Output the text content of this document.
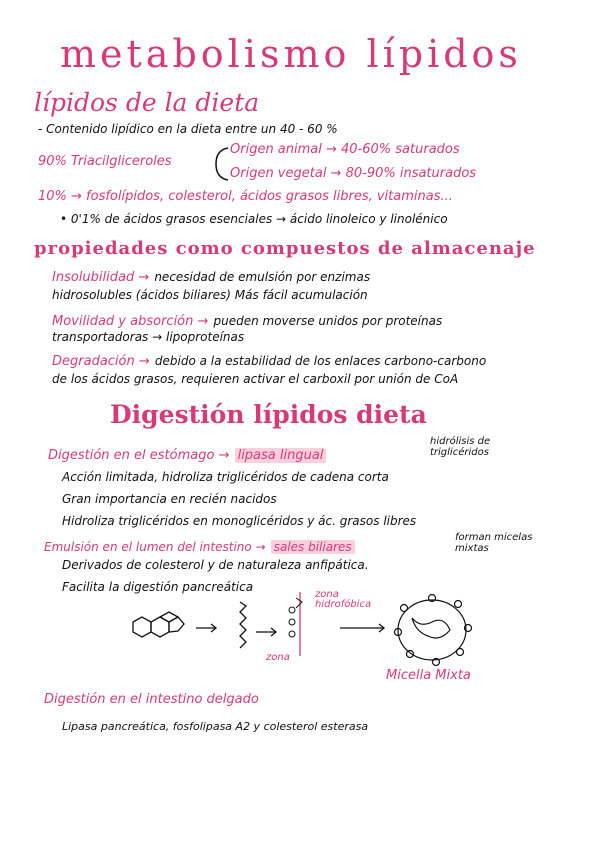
metabolismo lípidos
lípidos de la dieta
- Contenido lipídico en la dieta entre un 40 - 60 %
90% Triacilgliceroles
Origen animal → 40-60% saturados
Origen vegetal → 80-90% insaturados
10% → fosfolípidos, colesterol, ácidos grasos libres, vitaminas...
• 0'1% de ácidos grasos esenciales → ácido linoleico y linolénico
propiedades como compuestos de almacenaje
Insolubilidad → necesidad de emulsión por enzimas
hidrosolubles (ácidos biliares) Más fácil acumulación
Movilidad y absorción → pueden moverse unidos por proteínas
transportadoras → lipoproteínas
Degradación → debido a la estabilidad de los enlaces carbono-carbono
de los ácidos grasos, requieren activar el carboxil por unión de CoA
Digestión lípidos dieta
Digestión en el estómago → lipasa lingual
hidrólisis de triglicéridos
Acción limitada, hidroliza triglicéridos de cadena corta
Gran importancia en recién nacidos
Hidroliza triglicéridos en monoglicéridos y ác. grasos libres
Emulsión en el lumen del intestino → sales biliares
forman micelas mixtas
Derivados de colesterol y de naturaleza anfipática.
Facilita la digestión pancreática
zona hidrofóbica
zona
Micella Mixta
Digestión en el intestino delgado
Lipasa pancreática, fosfolipasa A2 y colesterol esterasa
